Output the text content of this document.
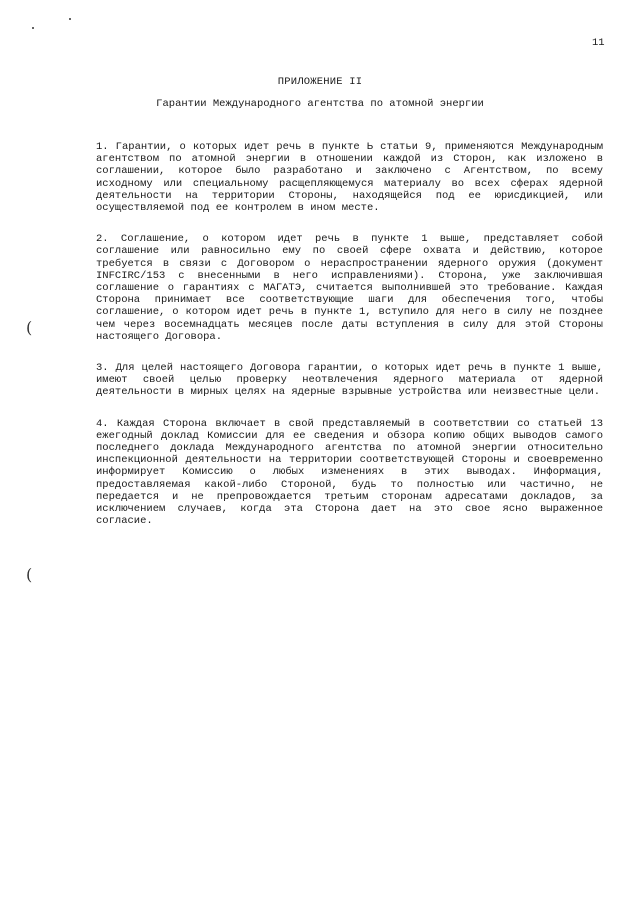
(
(
11
ПРИЛОЖЕНИЕ II
Гарантии Международного агентства по атомной энергии

1. Гарантии, о которых идет речь в пункте Ь статьи 9, применяются Международным агентством по атомной энергии в отношении каждой из Сторон, как изложено в соглашении, которое было разработано и заключено с Агентством, по всему исходному или специальному расщепляющемуся материалу во всех сферах ядерной деятельности на территории Стороны, находящейся под ее юрисдикцией, или осуществляемой под ее контролем в ином месте.

2. Соглашение, о котором идет речь в пункте 1 выше, представляет собой соглашение или равносильно ему по своей сфере охвата и действию, которое требуется в связи с Договором о нераспространении ядерного оружия (документ INFCIRC/153 с внесенными в него исправлениями). Сторона, уже заключившая соглашение о гарантиях с МАГАТЭ, считается выполнившей это требование. Каждая Сторона принимает все соответствующие шаги для обеспечения того, чтобы соглашение, о котором идет речь в пункте 1, вступило для него в силу не позднее чем через восемнадцать месяцев после даты вступления в силу для этой Стороны настоящего Договора.

3. Для целей настоящего Договора гарантии, о которых идет речь в пункте 1 выше, имеют своей целью проверку неотвлечения ядерного материала от ядерной деятельности в мирных целях на ядерные взрывные устройства или неизвестные цели.

4. Каждая Сторона включает в свой представляемый в соответствии со статьей 13 ежегодный доклад Комиссии для ее сведения и обзора копию общих выводов самого последнего доклада Международного агентства по атомной энергии относительно инспекционной деятельности на территории соответствующей Стороны и своевременно информирует Комиссию о любых изменениях в этих выводах. Информация, предоставляемая какой-либо Стороной, будь то полностью или частично, не передается и не препровождается третьим сторонам адресатами докладов, за исключением случаев, когда эта Сторона дает на это свое ясно выраженное согласие.
